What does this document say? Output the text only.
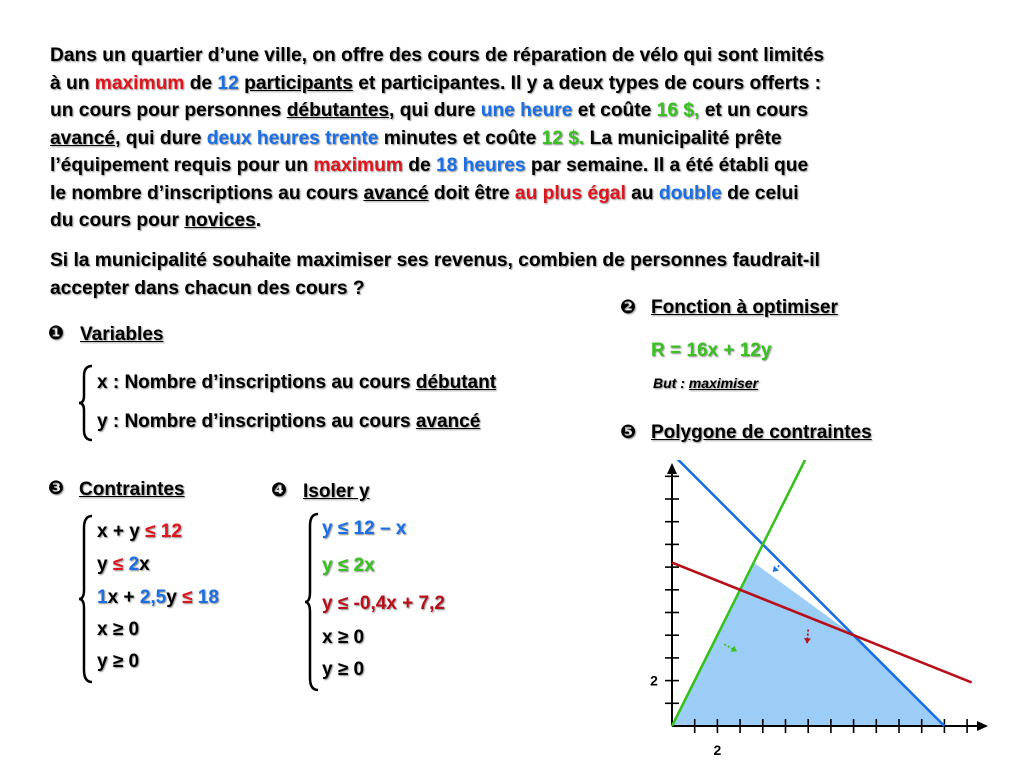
Dans un quartier d’une ville, on offre des cours de réparation de vélo qui sont limités
à un maximum de 12 participants et participantes. Il y a deux types de cours offerts :
un cours pour personnes débutantes, qui dure une heure et coûte 16 $, et un cours
avancé, qui dure deux heures trente minutes et coûte 12 $. La municipalité prête
l’équipement requis pour un maximum de 18 heures par semaine. Il a été établi que
le nombre d’inscriptions au cours avancé doit être au plus égal au double de celui
du cours pour novices.
Si la municipalité souhaite maximiser ses revenus, combien de personnes faudrait-il
accepter dans chacun des cours ?
❶ Variables
x : Nombre d’inscriptions au cours débutant
y : Nombre d’inscriptions au cours avancé
❷ Fonction à optimiser
R = 16x + 12y
But : maximiser
❺ Polygone de contraintes
❸ Contraintes
x + y ≤ 12
y ≤ 2x
1x + 2,5y ≤ 18
x ≥ 0
y ≥ 0
❹ Isoler y
y ≤ 12 – x
y ≤ 2x
y ≤ -0,4x + 7,2
x ≥ 0
y ≥ 0
2
2
